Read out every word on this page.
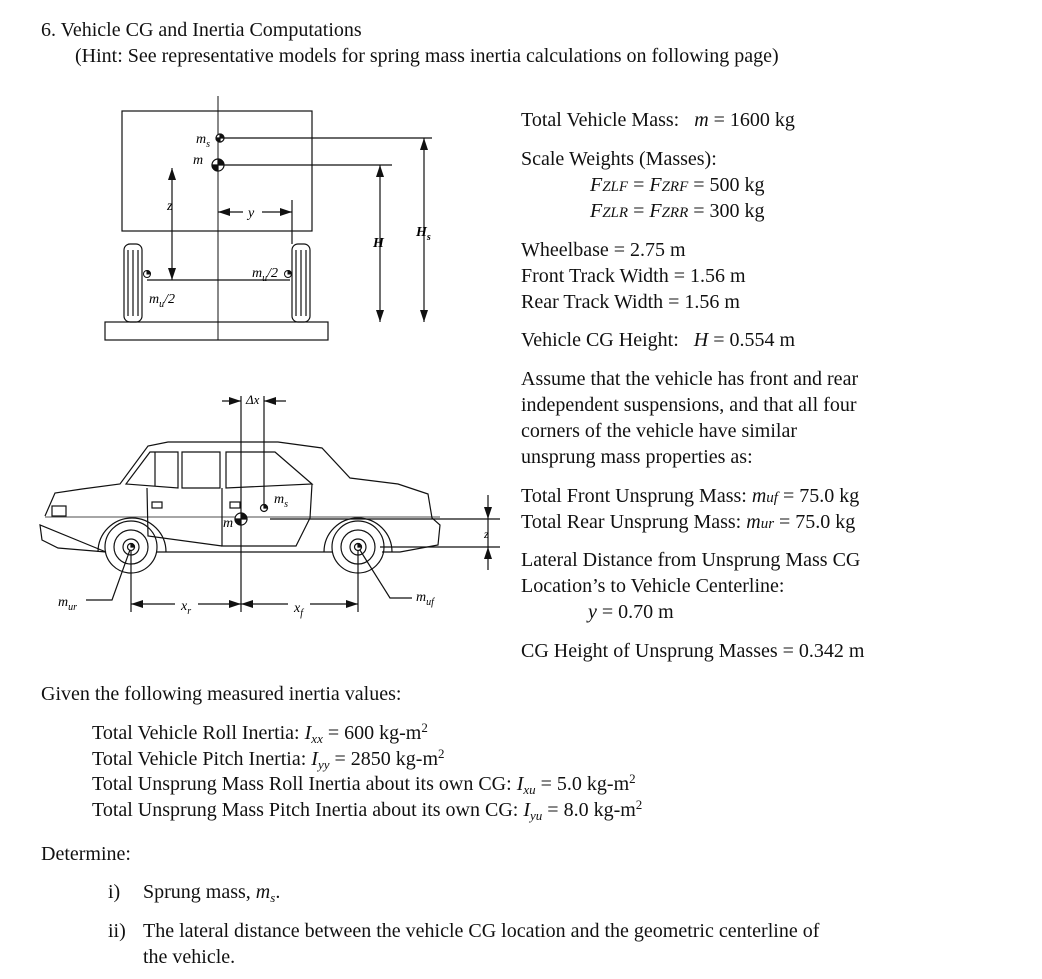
6. Vehicle CG and Inertia Computations
(Hint: See representative models for spring mass inertia calculations on following page)
$m_s$
m
z	y
H
$H_s$
$m_u/2$
$m_u/2$
Δx
$m_s$
m
z
$m_{ur}$
$m_{uf}$
$x_r$	$x_f$
Total Vehicle Mass: m = 1600 kg
Scale Weights (Masses):
FZLF = FZRF = 500 kg
FZLR = FZRR = 300 kg
Wheelbase = 2.75 m
Front Track Width = 1.56 m
Rear Track Width = 1.56 m
Vehicle CG Height: H = 0.554 m
Assume that the vehicle has front and rear
independent suspensions, and that all four
corners of the vehicle have similar
unsprung mass properties as:
Total Front Unsprung Mass: muf = 75.0 kg
Total Rear Unsprung Mass: mur = 75.0 kg
Lateral Distance from Unsprung Mass CG
Location’s to Vehicle Centerline:
y = 0.70 m
CG Height of Unsprung Masses = 0.342 m
Given the following measured inertia values:
Total Vehicle Roll Inertia: $I_{xx} = 600$ $kg-m^2$
Total Vehicle Pitch Inertia: $I_{yy} = 2850$ $kg-m^2$
Total Unsprung Mass Roll Inertia about its own CG: $I_{xu} = 5.0$ $kg-m^2$
Total Unsprung Mass Pitch Inertia about its own CG: $I_{yu} = 8.0$ $kg-m^2$
Determine:
i) Sprung mass, $m_s$.
ii) The lateral distance between the vehicle CG location and the geometric centerline of
the vehicle.
